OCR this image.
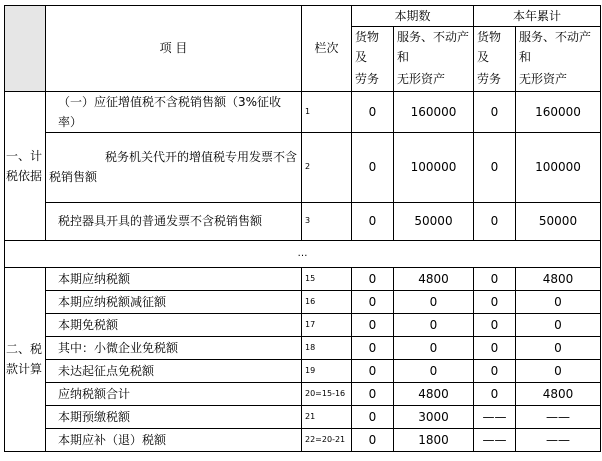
	项 目	栏次	本期数		本年累计	
			货物及	服务、不动产和	货物及	服务、不动产和
			劳务	无形资产	劳务	无形资产

一、计
税依据	（一）应征增值税不含税销售额（3%征收率）	1	0	160000	0	160000

	税务机关代开的增值税专用发票不含
税销售额	2	0	100000	0	100000
	税控器具开具的普通发票不含税销售额	3	0	50000	0	50000
…						

二、税
款计算	本期应纳税额	15	0	4800	0	4800
	本期应纳税额减征额	16	0	0	0	0
	本期免税额	17	0	0	0	0
	其中：小微企业免税额	18	0	0	0	0
	未达起征点免税额	19	0	0	0	0
	应纳税额合计	20=15-16	0	4800	0	4800
	本期预缴税额	21	0	3000	——	——
	本期应补（退）税额	22=20-21	0	1800	——	——
